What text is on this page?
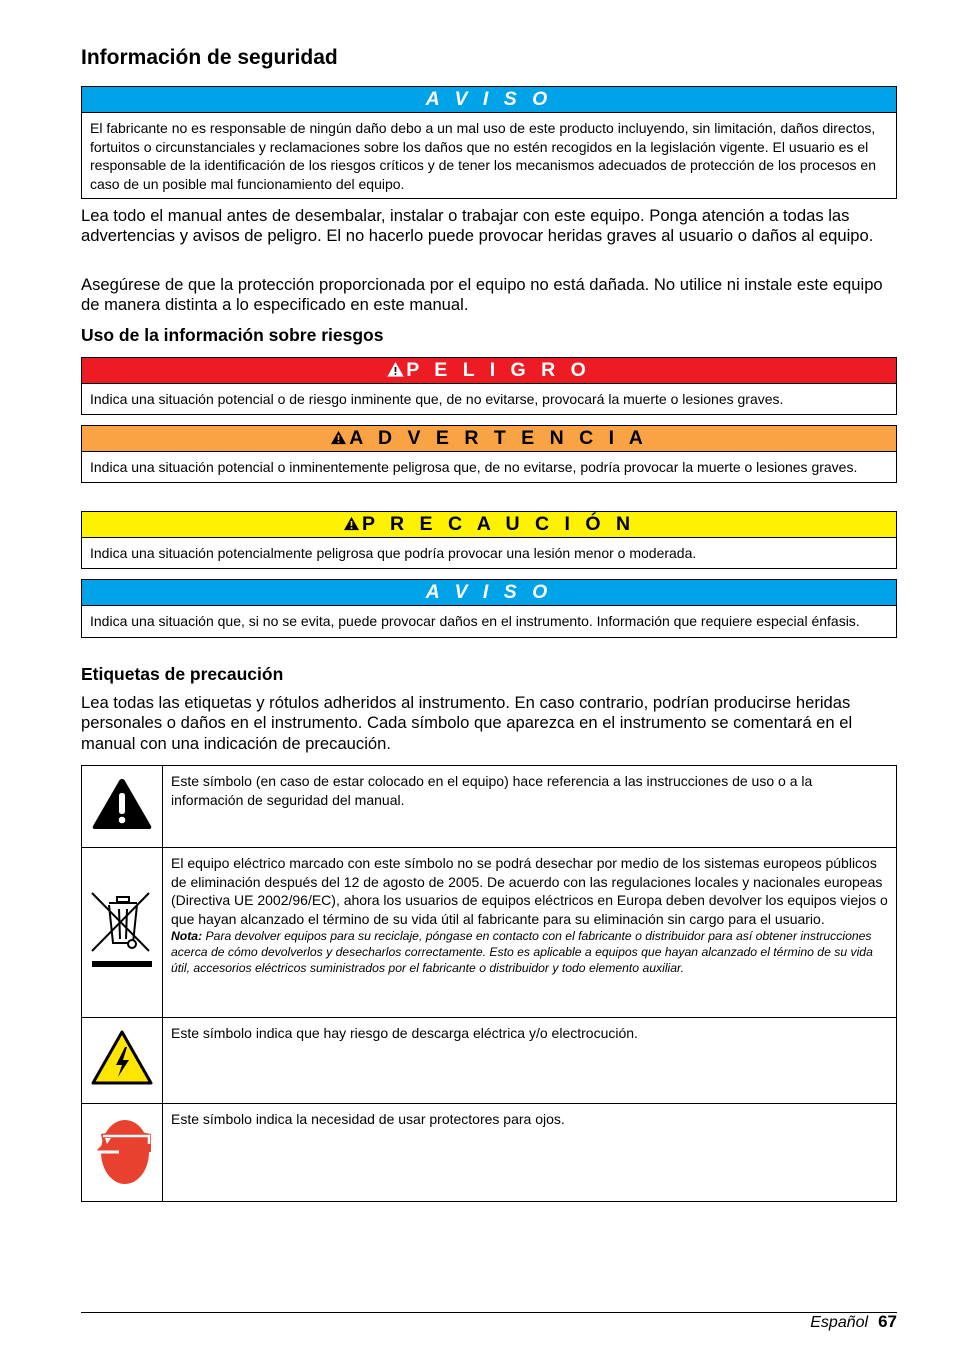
Información de seguridad
A V I S O
El fabricante no es responsable de ningún daño debo a un mal uso de este producto incluyendo, sin limitación, daños directos, fortuitos o circunstanciales y reclamaciones sobre los daños que no estén recogidos en la legislación vigente. El usuario es el responsable de la identificación de los riesgos críticos y de tener los mecanismos adecuados de protección de los procesos en caso de un posible mal funcionamiento del equipo.

Lea todo el manual antes de desembalar, instalar o trabajar con este equipo. Ponga atención a todas las advertencias y avisos de peligro. El no hacerlo puede provocar heridas graves al usuario o daños al equipo.

Asegúrese de que la protección proporcionada por el equipo no está dañada. No utilice ni instale este equipo de manera distinta a lo especificado en este manual.

Uso de la información sobre riesgos
P E L I G R O
Indica una situación potencial o de riesgo inminente que, de no evitarse, provocará la muerte o lesiones graves.
A D V E R T E N C I A
Indica una situación potencial o inminentemente peligrosa que, de no evitarse, podría provocar la muerte o lesiones graves.
P R E C A U C I Ó N
Indica una situación potencialmente peligrosa que podría provocar una lesión menor o moderada.
A V I S O
Indica una situación que, si no se evita, puede provocar daños en el instrumento. Información que requiere especial énfasis.
Etiquetas de precaución

Lea todas las etiquetas y rótulos adheridos al instrumento. En caso contrario, podrían producirse heridas personales o daños en el instrumento. Cada símbolo que aparezca en el instrumento se comentará en el manual con una indicación de precaución.

	Este símbolo (en caso de estar colocado en el equipo) hace referencia a las instrucciones de uso o a la información de seguridad del manual.
	El equipo eléctrico marcado con este símbolo no se podrá desechar por medio de los sistemas europeos públicos de eliminación después del 12 de agosto de 2005. De acuerdo con las regulaciones locales y nacionales europeas (Directiva UE 2002/96/EC), ahora los usuarios de equipos eléctricos en Europa deben devolver los equipos viejos o que hayan alcanzado el término de su vida útil al fabricante para su eliminación sin cargo para el usuario.
Nota: Para devolver equipos para su reciclaje, póngase en contacto con el fabricante o distribuidor para así obtener instrucciones acerca de cómo devolverlos y desecharlos correctamente. Esto es aplicable a equipos que hayan alcanzado el término de su vida útil, accesorios eléctricos suministrados por el fabricante o distribuidor y todo elemento auxiliar.

	Este símbolo indica que hay riesgo de descarga eléctrica y/o electrocución.
	Este símbolo indica la necesidad de usar protectores para ojos.
Español 67
